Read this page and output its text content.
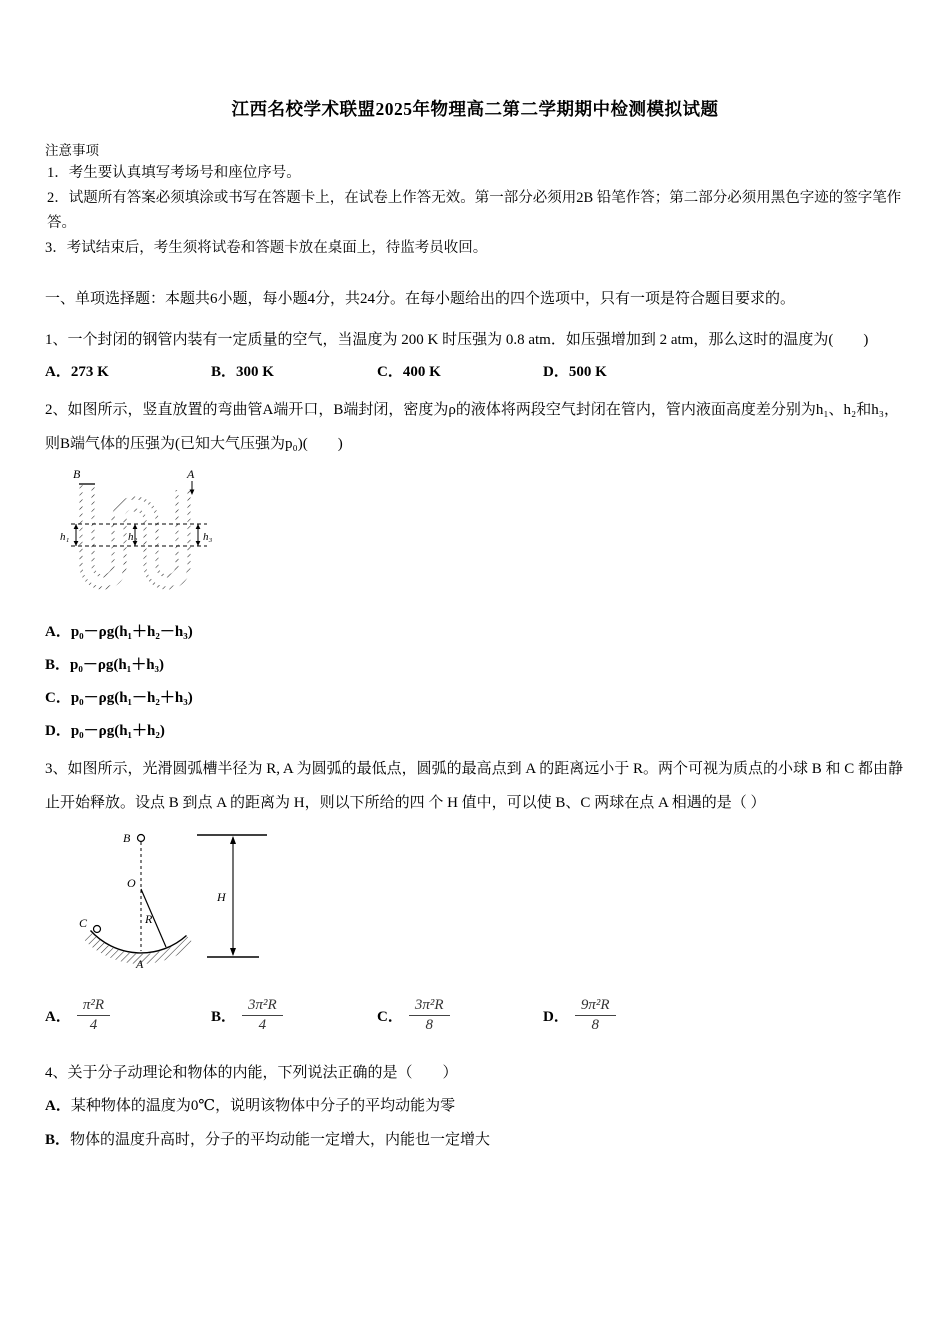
江西名校学术联盟2025年物理高二第二学期期中检测模拟试题
注意事项
1．考生要认真填写考场号和座位序号。
2．试题所有答案必须填涂或书写在答题卡上，在试卷上作答无效。第一部分必须用2B 铅笔作答；第二部分必须用黑色字迹的签字笔作答。
3．考试结束后，考生须将试卷和答题卡放在桌面上，待监考员收回。
一、单项选择题：本题共6小题，每小题4分，共24分。在每小题给出的四个选项中，只有一项是符合题目要求的。
1、一个封闭的钢管内装有一定质量的空气，当温度为 200 K 时压强为 0.8 atm．如压强增加到 2 atm，那么这时的温度为(　　)
A．273 K	B．300 K	C．400 K	D．500 K
2、如图所示，竖直放置的弯曲管A端开口，B端封闭，密度为ρ的液体将两段空气封闭在管内，管内液面高度差分别为h₁、h₂和h₃，则B端气体的压强为(已知大气压强为p₀)(　　)
h₁	h₂	h₃
B	A
A．p₀－ρg(h₁＋h₂－h₃)
B．p₀－ρg(h₁＋h₃)
C．p₀－ρg(h₁－h₂＋h₃)
D．p₀－ρg(h₁＋h₂)
3、如图所示，光滑圆弧槽半径为 R, A 为圆弧的最低点，圆弧的最高点到 A 的距离远小于 R。两个可视为质点的小球 B 和 C 都由静止开始释放。设点 B 到点 A 的距离为 H，则以下所给的四 个 H 值中，可以使 B、C 两球在点 A 相遇的是（ ）
B
O
R
C
A
H
A． $\frac{\text{π²R}}{4}$	B． $\frac{\text{3π²R}}{4}$	C． $\frac{\text{3π²R}}{8}$	D． $\frac{\text{9π²R}}{8}$
4、关于分子动理论和物体的内能，下列说法正确的是（　　）
A．某种物体的温度为0℃，说明该物体中分子的平均动能为零
B．物体的温度升高时，分子的平均动能一定增大，内能也一定增大
